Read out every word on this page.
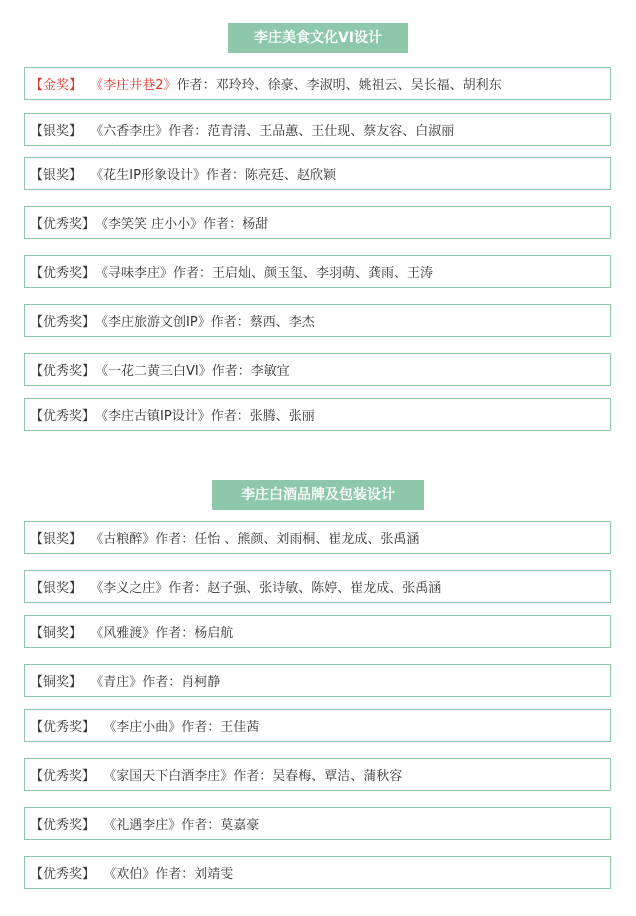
李庄美食文化VI设计
【金奖】
《李庄井巷2》 作者：邓玲玲、徐豪、李淑明、姚祖云、吴长福、胡利东
【银奖】
《六香李庄》 作者：范青清、王品蕙、王仕现、蔡友容、白淑丽
【银奖】
《花生IP形象设计》 作者：陈亮廷、赵欣颖
【优秀奖】 《李笑笑 庄小小》 作者：杨甜
【优秀奖】 《寻味李庄》 作者：王启灿、颜玉玺、李羽萌、龚雨、王涛
【优秀奖】 《李庄旅游文创IP》 作者：蔡西、李杰
【优秀奖】 《一花二黄三白VI》 作者：李敏宜
【优秀奖】 《李庄古镇IP设计》 作者：张腾、张丽
李庄白酒品牌及包装设计
【银奖】
《古粮醉》 作者：任怡 、熊颜、刘雨桐、崔龙成、张禹涵
【银奖】
《李义之庄》 作者：赵子强、张诗敏、陈婷、崔龙成、张禹涵
【铜奖】
《风雅渡》 作者：杨启航
【铜奖】
《青庄》 作者：肖柯静
【优秀奖】
《李庄小曲》 作者：王佳茜
【优秀奖】
《家国天下白酒李庄》 作者：吴春梅、覃洁、蒲秋容
【优秀奖】
《礼遇李庄》 作者：莫嘉豪
【优秀奖】
《欢伯》 作者：刘靖雯
